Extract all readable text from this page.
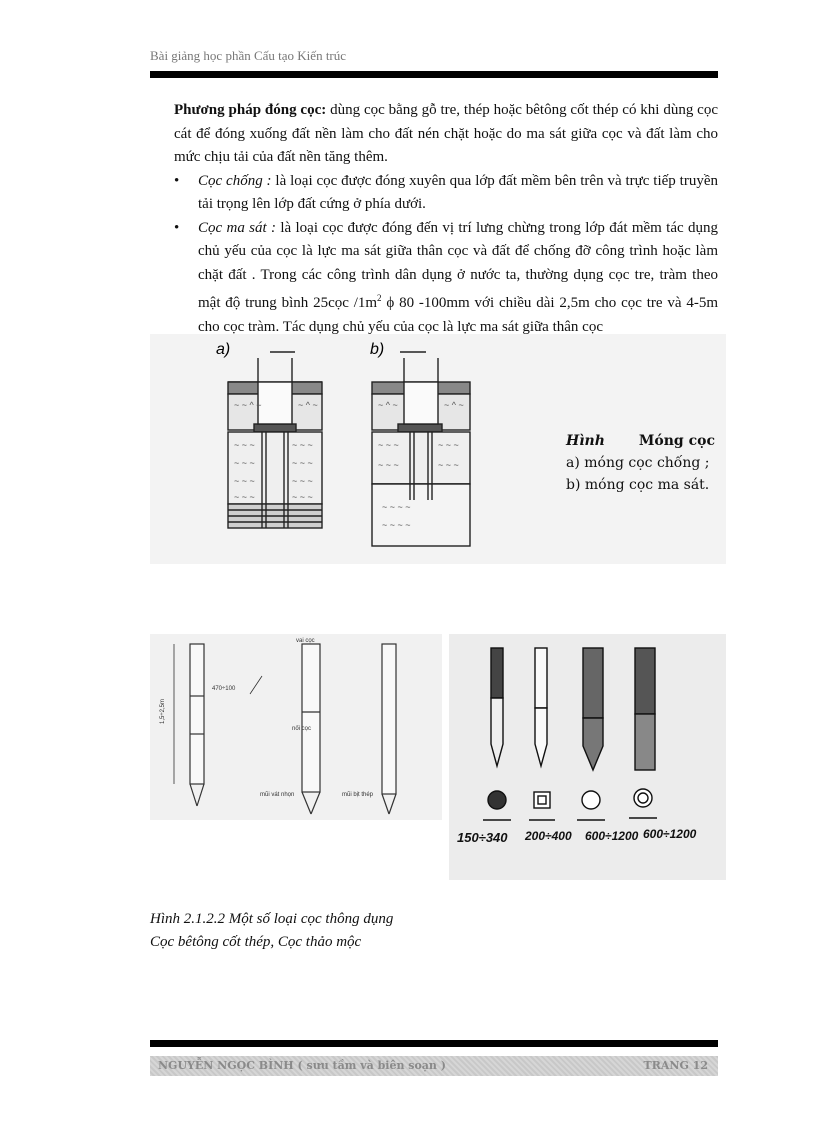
Bài giảng học phần Cấu tạo Kiến trúc

Phương pháp đóng cọc: dùng cọc bằng gỗ tre, thép hoặc bêtông cốt thép có khi dùng cọc cát để đóng xuống đất nền làm cho đất nén chặt hoặc do ma sát giữa cọc và đất làm cho mức chịu tải của đất nền tăng thêm.

• Cọc chống : là loại cọc được đóng xuyên qua lớp đất mềm bên trên và trực tiếp truyền tải trọng lên lớp đất cứng ở phía dưới.

• Cọc ma sát : là loại cọc được đóng đến vị trí lưng chừng trong lớp đát mềm tác dụng chủ yếu của cọc là lực ma sát giữa thân cọc và đất để chống đỡ công trình hoặc làm chặt đất . Trong các công trình dân dụng ở nước ta, thường dụng cọc tre, tràm theo mật độ trung bình 25cọc $/1m^2$ ϕ 80 -100mm với chiều dài 2,5m cho cọc tre và 4-5m cho cọc tràm. Tác dụng chủ yếu của cọc là lực ma sát giữa thân cọc

a)
~ ~ ^ ~	~ ^ ~
~ ~ ~	~ ~ ~
~ ~ ~	~ ~ ~
~ ~ ~	~ ~ ~
~ ~ ~	~ ~ ~
b)
~ ^ ~	~ ^ ~
~ ~ ~	~ ~ ~
~ ~ ~	~ ~ ~
~ ~ ~ ~
~ ~ ~ ~
Hình Móng cọc
a) móng cọc chống ;
b) móng cọc ma sát.
vai cọc
470÷100
nối cọc
1,5÷2,5m
mũi vát nhọn	mũi bịt thép
150÷340 200÷400 600÷1200 600÷1200
Hình 2.1.2.2 Một số loại cọc thông dụng
Cọc bêtông cốt thép, Cọc thảo mộc
NGUYỄN NGỌC BÌNH ( sưu tầm và biên soạn )	TRANG 12
